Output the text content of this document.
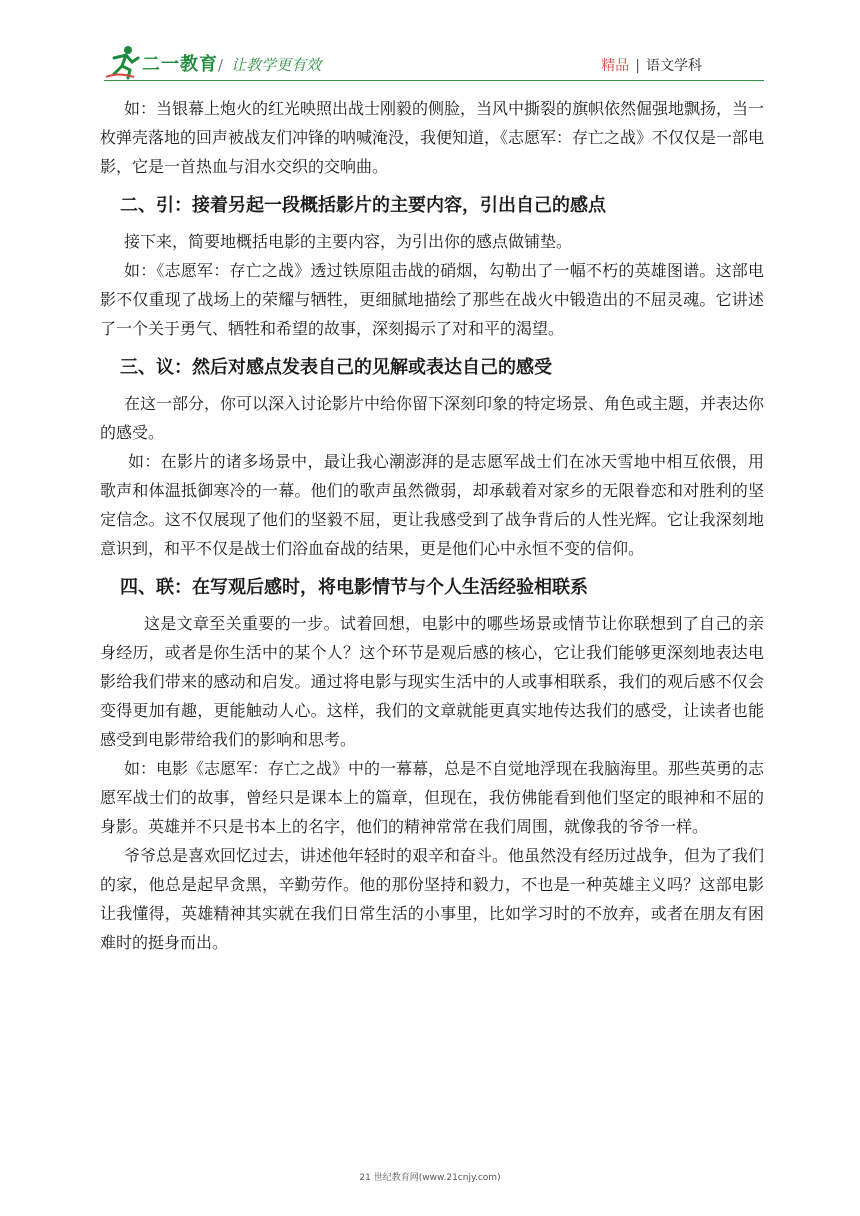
二一教育 / 让教学更有效	精品 | 语文学科

如：当银幕上炮火的红光映照出战士刚毅的侧脸，当风中撕裂的旗帜依然倔强地飘扬，当一枚弹壳落地的回声被战友们冲锋的呐喊淹没，我便知道，《志愿军：存亡之战》不仅仅是一部电影，它是一首热血与泪水交织的交响曲。

二、引：接着另起一段概括影片的主要内容，引出自己的感点

接下来，简要地概括电影的主要内容，为引出你的感点做铺垫。

如：《志愿军：存亡之战》透过铁原阻击战的硝烟，勾勒出了一幅不朽的英雄图谱。这部电影不仅重现了战场上的荣耀与牺牲，更细腻地描绘了那些在战火中锻造出的不屈灵魂。它讲述了一个关于勇气、牺牲和希望的故事，深刻揭示了对和平的渴望。

三、议：然后对感点发表自己的见解或表达自己的感受

在这一部分，你可以深入讨论影片中给你留下深刻印象的特定场景、角色或主题，并表达你的感受。

如：在影片的诸多场景中，最让我心潮澎湃的是志愿军战士们在冰天雪地中相互依偎，用歌声和体温抵御寒冷的一幕。他们的歌声虽然微弱，却承载着对家乡的无限眷恋和对胜利的坚定信念。这不仅展现了他们的坚毅不屈，更让我感受到了战争背后的人性光辉。它让我深刻地意识到，和平不仅是战士们浴血奋战的结果，更是他们心中永恒不变的信仰。

四、联：在写观后感时，将电影情节与个人生活经验相联系

这是文章至关重要的一步。试着回想，电影中的哪些场景或情节让你联想到了自己的亲身经历，或者是你生活中的某个人？这个环节是观后感的核心，它让我们能够更深刻地表达电影给我们带来的感动和启发。通过将电影与现实生活中的人或事相联系，我们的观后感不仅会变得更加有趣，更能触动人心。这样，我们的文章就能更真实地传达我们的感受，让读者也能感受到电影带给我们的影响和思考。

如：电影《志愿军：存亡之战》中的一幕幕，总是不自觉地浮现在我脑海里。那些英勇的志愿军战士们的故事，曾经只是课本上的篇章，但现在，我仿佛能看到他们坚定的眼神和不屈的身影。英雄并不只是书本上的名字，他们的精神常常在我们周围，就像我的爷爷一样。

爷爷总是喜欢回忆过去，讲述他年轻时的艰辛和奋斗。他虽然没有经历过战争，但为了我们的家，他总是起早贪黑，辛勤劳作。他的那份坚持和毅力，不也是一种英雄主义吗？这部电影让我懂得，英雄精神其实就在我们日常生活的小事里，比如学习时的不放弃，或者在朋友有困难时的挺身而出。

21 世纪教育网(www.21cnjy.com)
